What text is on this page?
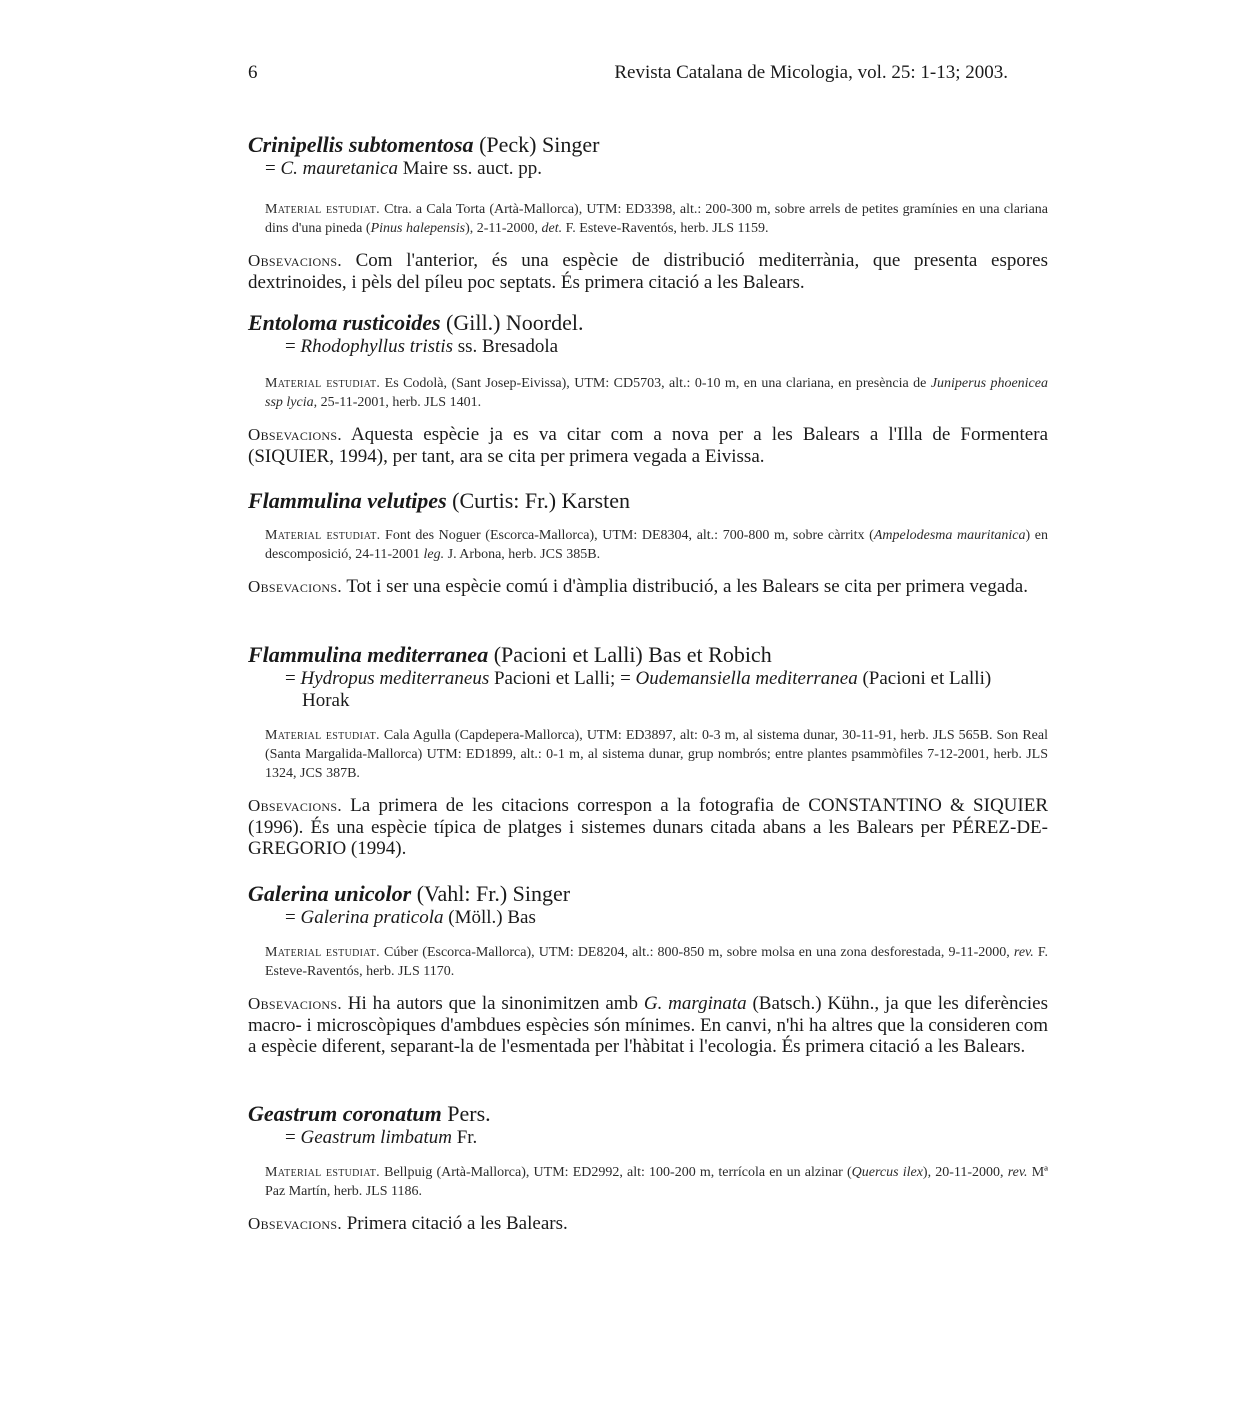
6	Revista Catalana de Micologia, vol. 25: 1-13; 2003.
Crinipellis subtomentosa (Peck) Singer
= C. mauretanica Maire ss. auct. pp.
Material estudiat. Ctra. a Cala Torta (Artà-Mallorca), UTM: ED3398, alt.: 200-300 m, sobre arrels de petites gramínies en una clariana dins d'una pineda (Pinus halepensis), 2-11-2000, det. F. Esteve-Raventós, herb. JLS 1159.
Obsevacions. Com l'anterior, és una espècie de distribució mediterrània, que presenta espores dextrinoides, i pèls del píleu poc septats. És primera citació a les Balears.
Entoloma rusticoides (Gill.) Noordel.
= Rhodophyllus tristis ss. Bresadola
Material estudiat. Es Codolà, (Sant Josep-Eivissa), UTM: CD5703, alt.: 0-10 m, en una clariana, en presència de Juniperus phoenicea ssp lycia, 25-11-2001, herb. JLS 1401.
Obsevacions. Aquesta espècie ja es va citar com a nova per a les Balears a l'Illa de Formentera (SIQUIER, 1994), per tant, ara se cita per primera vegada a Eivissa.
Flammulina velutipes (Curtis: Fr.) Karsten
Material estudiat. Font des Noguer (Escorca-Mallorca), UTM: DE8304, alt.: 700-800 m, sobre càrritx (Ampelodesma mauritanica) en descomposició, 24-11-2001 leg. J. Arbona, herb. JCS 385B.
Obsevacions. Tot i ser una espècie comú i d'àmplia distribució, a les Balears se cita per primera vegada.
Flammulina mediterranea (Pacioni et Lalli) Bas et Robich
= Hydropus mediterraneus Pacioni et Lalli; = Oudemansiella mediterranea (Pacioni et Lalli)
Horak
Material estudiat. Cala Agulla (Capdepera-Mallorca), UTM: ED3897, alt: 0-3 m, al sistema dunar, 30-11-91, herb. JLS 565B. Son Real (Santa Margalida-Mallorca) UTM: ED1899, alt.: 0-1 m, al sistema dunar, grup nombrós; entre plantes psammòfiles 7-12-2001, herb. JLS 1324, JCS 387B.
Obsevacions. La primera de les citacions correspon a la fotografia de CONSTANTINO & SIQUIER (1996). És una espècie típica de platges i sistemes dunars citada abans a les Balears per PÉREZ-DE-GREGORIO (1994).
Galerina unicolor (Vahl: Fr.) Singer
= Galerina praticola (Möll.) Bas
Material estudiat. Cúber (Escorca-Mallorca), UTM: DE8204, alt.: 800-850 m, sobre molsa en una zona desforestada, 9-11-2000, rev. F. Esteve-Raventós, herb. JLS 1170.
Obsevacions. Hi ha autors que la sinonimitzen amb G. marginata (Batsch.) Kühn., ja que les diferències macro- i microscòpiques d'ambdues espècies són mínimes. En canvi, n'hi ha altres que la consideren com a espècie diferent, separant-la de l'esmentada per l'hàbitat i l'ecologia. És primera citació a les Balears.
Geastrum coronatum Pers.
= Geastrum limbatum Fr.
Material estudiat. Bellpuig (Artà-Mallorca), UTM: ED2992, alt: 100-200 m, terrícola en un alzinar (Quercus ilex), 20-11-2000, rev. Mª Paz Martín, herb. JLS 1186.
Obsevacions. Primera citació a les Balears.
